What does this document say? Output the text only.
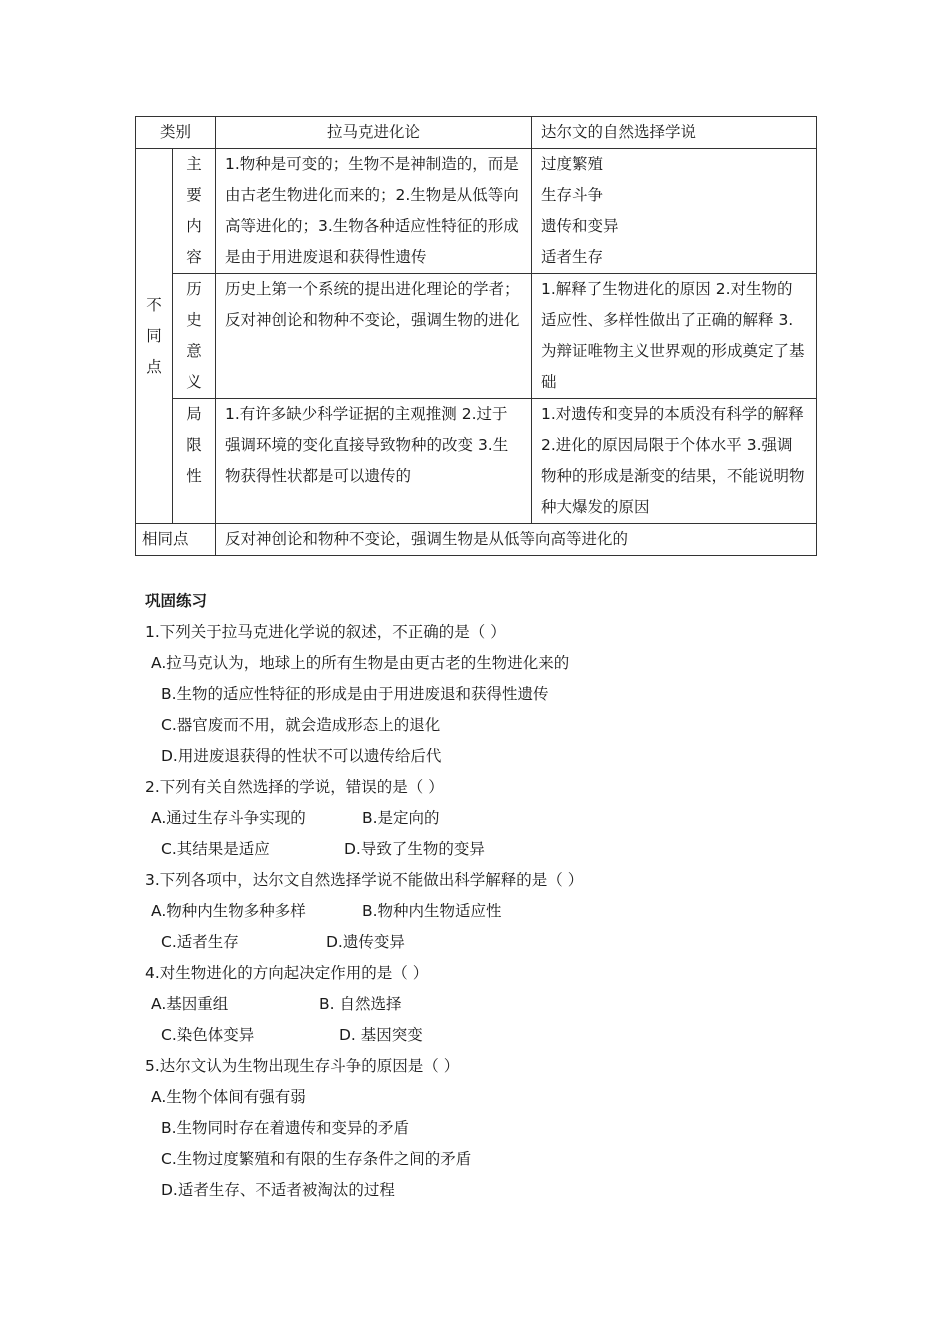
类别		拉马克进化论	达尔文的自然选择学说

不同点	主要内容	1.物种是可变的；生物不是神制造的，而是由古老生物进化而来的；2.生物是从低等向高等进化的；3.生物各种适应性特征的形成是由于用进废退和获得性遗传	过度繁殖
生存斗争
遗传和变异
适者生存

	历史意义	历史上第一个系统的提出进化理论的学者；反对神创论和物种不变论，强调生物的进化	1.解释了生物进化的原因 2.对生物的适应性、多样性做出了正确的解释 3.为辩证唯物主义世界观的形成奠定了基础

	局限性	1.有许多缺少科学证据的主观推测 2.过于强调环境的变化直接导致物种的改变 3.生物获得性状都是可以遗传的	1.对遗传和变异的本质没有科学的解释 2.进化的原因局限于个体水平 3.强调物种的形成是渐变的结果，不能说明物种大爆发的原因
相同点		反对神创论和物种不变论，强调生物是从低等向高等进化的	
巩固练习
1.下列关于拉马克进化学说的叙述，不正确的是（ ）
A.拉马克认为，地球上的所有生物是由更古老的生物进化来的
B.生物的适应性特征的形成是由于用进废退和获得性遗传
C.器官废而不用，就会造成形态上的退化
D.用进废退获得的性状不可以遗传给后代
2.下列有关自然选择的学说，错误的是（ ）
A.通过生存斗争实现的	B.是定向的
C.其结果是适应	D.导致了生物的变异
3.下列各项中，达尔文自然选择学说不能做出科学解释的是（ ）
A.物种内生物多种多样	B.物种内生物适应性
C.适者生存	D.遗传变异
4.对生物进化的方向起决定作用的是（ ）
A.基因重组	B. 自然选择
C.染色体变异	D. 基因突变
5.达尔文认为生物出现生存斗争的原因是（ ）
A.生物个体间有强有弱
B.生物同时存在着遗传和变异的矛盾
C.生物过度繁殖和有限的生存条件之间的矛盾
D.适者生存、不适者被淘汰的过程
